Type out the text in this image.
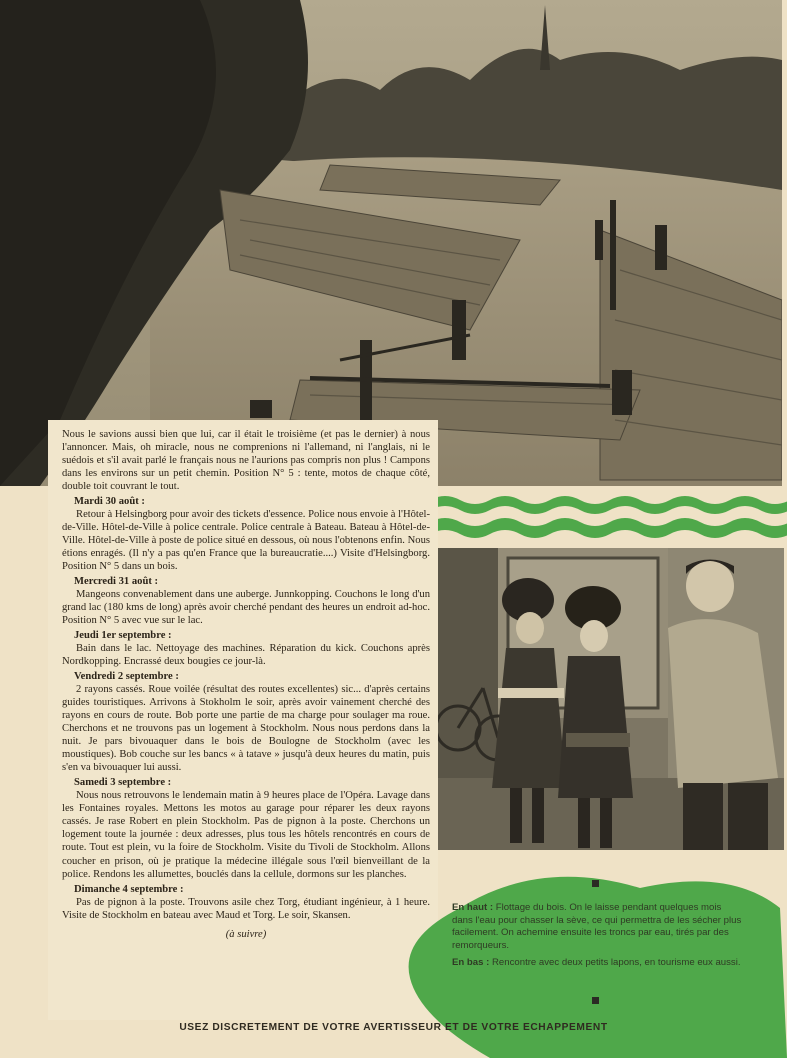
Nous le savions aussi bien que lui, car il était le troisième (et pas le dernier) à nous l'annoncer. Mais, oh miracle, nous ne comprenions ni l'allemand, ni l'anglais, ni le suédois et s'il avait parlé le français nous ne l'aurions pas compris non plus ! Campons dans les environs sur un petit chemin. Position N° 5 : tente, motos de chaque côté, double toit couvrant le tout.

Mardi 30 août :

Retour à Helsingborg pour avoir des tickets d'essence. Police nous envoie à l'Hôtel-de-Ville. Hôtel-de-Ville à police centrale. Police centrale à Bateau. Bateau à Hôtel-de-Ville. Hôtel-de-Ville à poste de police situé en dessous, où nous l'obtenons enfin. Nous étions enragés. (Il n'y a pas qu'en France que la bureaucratie....) Visite d'Helsingborg. Position N° 5 dans un bois.

Mercredi 31 août :

Mangeons convenablement dans une auberge. Junnkopping. Couchons le long d'un grand lac (180 kms de long) après avoir cherché pendant des heures un endroit ad-hoc. Position N° 5 avec vue sur le lac.

Jeudi 1er septembre :

Bain dans le lac. Nettoyage des machines. Réparation du kick. Couchons après Nordkopping. Encrassé deux bougies ce jour-là.

Vendredi 2 septembre :

2 rayons cassés. Roue voilée (résultat des routes excellentes) sic... d'après certains guides touristiques. Arrivons à Stokholm le soir, après avoir vainement cherché des rayons en cours de route. Bob porte une partie de ma charge pour soulager ma roue. Cherchons et ne trouvons pas un logement à Stockholm. Nous nous perdons dans la nuit. Je pars bivouaquer dans le bois de Boulogne de Stockholm (avec les moustiques). Bob couche sur les bancs « à tatave » jusqu'à deux heures du matin, puis s'en va bivouaquer lui aussi.

Samedi 3 septembre :

Nous nous retrouvons le lendemain matin à 9 heures place de l'Opéra. Lavage dans les Fontaines royales. Mettons les motos au garage pour réparer les deux rayons cassés. Je rase Robert en plein Stockholm. Pas de pignon à la poste. Cherchons un logement toute la journée : deux adresses, plus tous les hôtels rencontrés en cours de route. Tout est plein, vu la foire de Stockholm. Visite du Tivoli de Stockholm. Allons coucher en prison, où je pratique la médecine illégale sous l'œil bienveillant de la police. Rendons les allumettes, bouclés dans la cellule, dormons sur les planches.

Dimanche 4 septembre :

Pas de pignon à la poste. Trouvons asile chez Torg, étudiant ingénieur, à 1 heure. Visite de Stockholm en bateau avec Maud et Torg. Le soir, Skansen.

(à suivre)

En haut : Flottage du bois. On le laisse pendant quelques mois dans l'eau pour chasser la sève, ce qui permettra de les sécher plus facilement. On achemine ensuite les troncs par eau, tirés par des remorqueurs.

En bas : Rencontre avec deux petits lapons, en tourisme eux aussi.

USEZ DISCRETEMENT DE VOTRE AVERTISSEUR ET DE VOTRE ECHAPPEMENT
